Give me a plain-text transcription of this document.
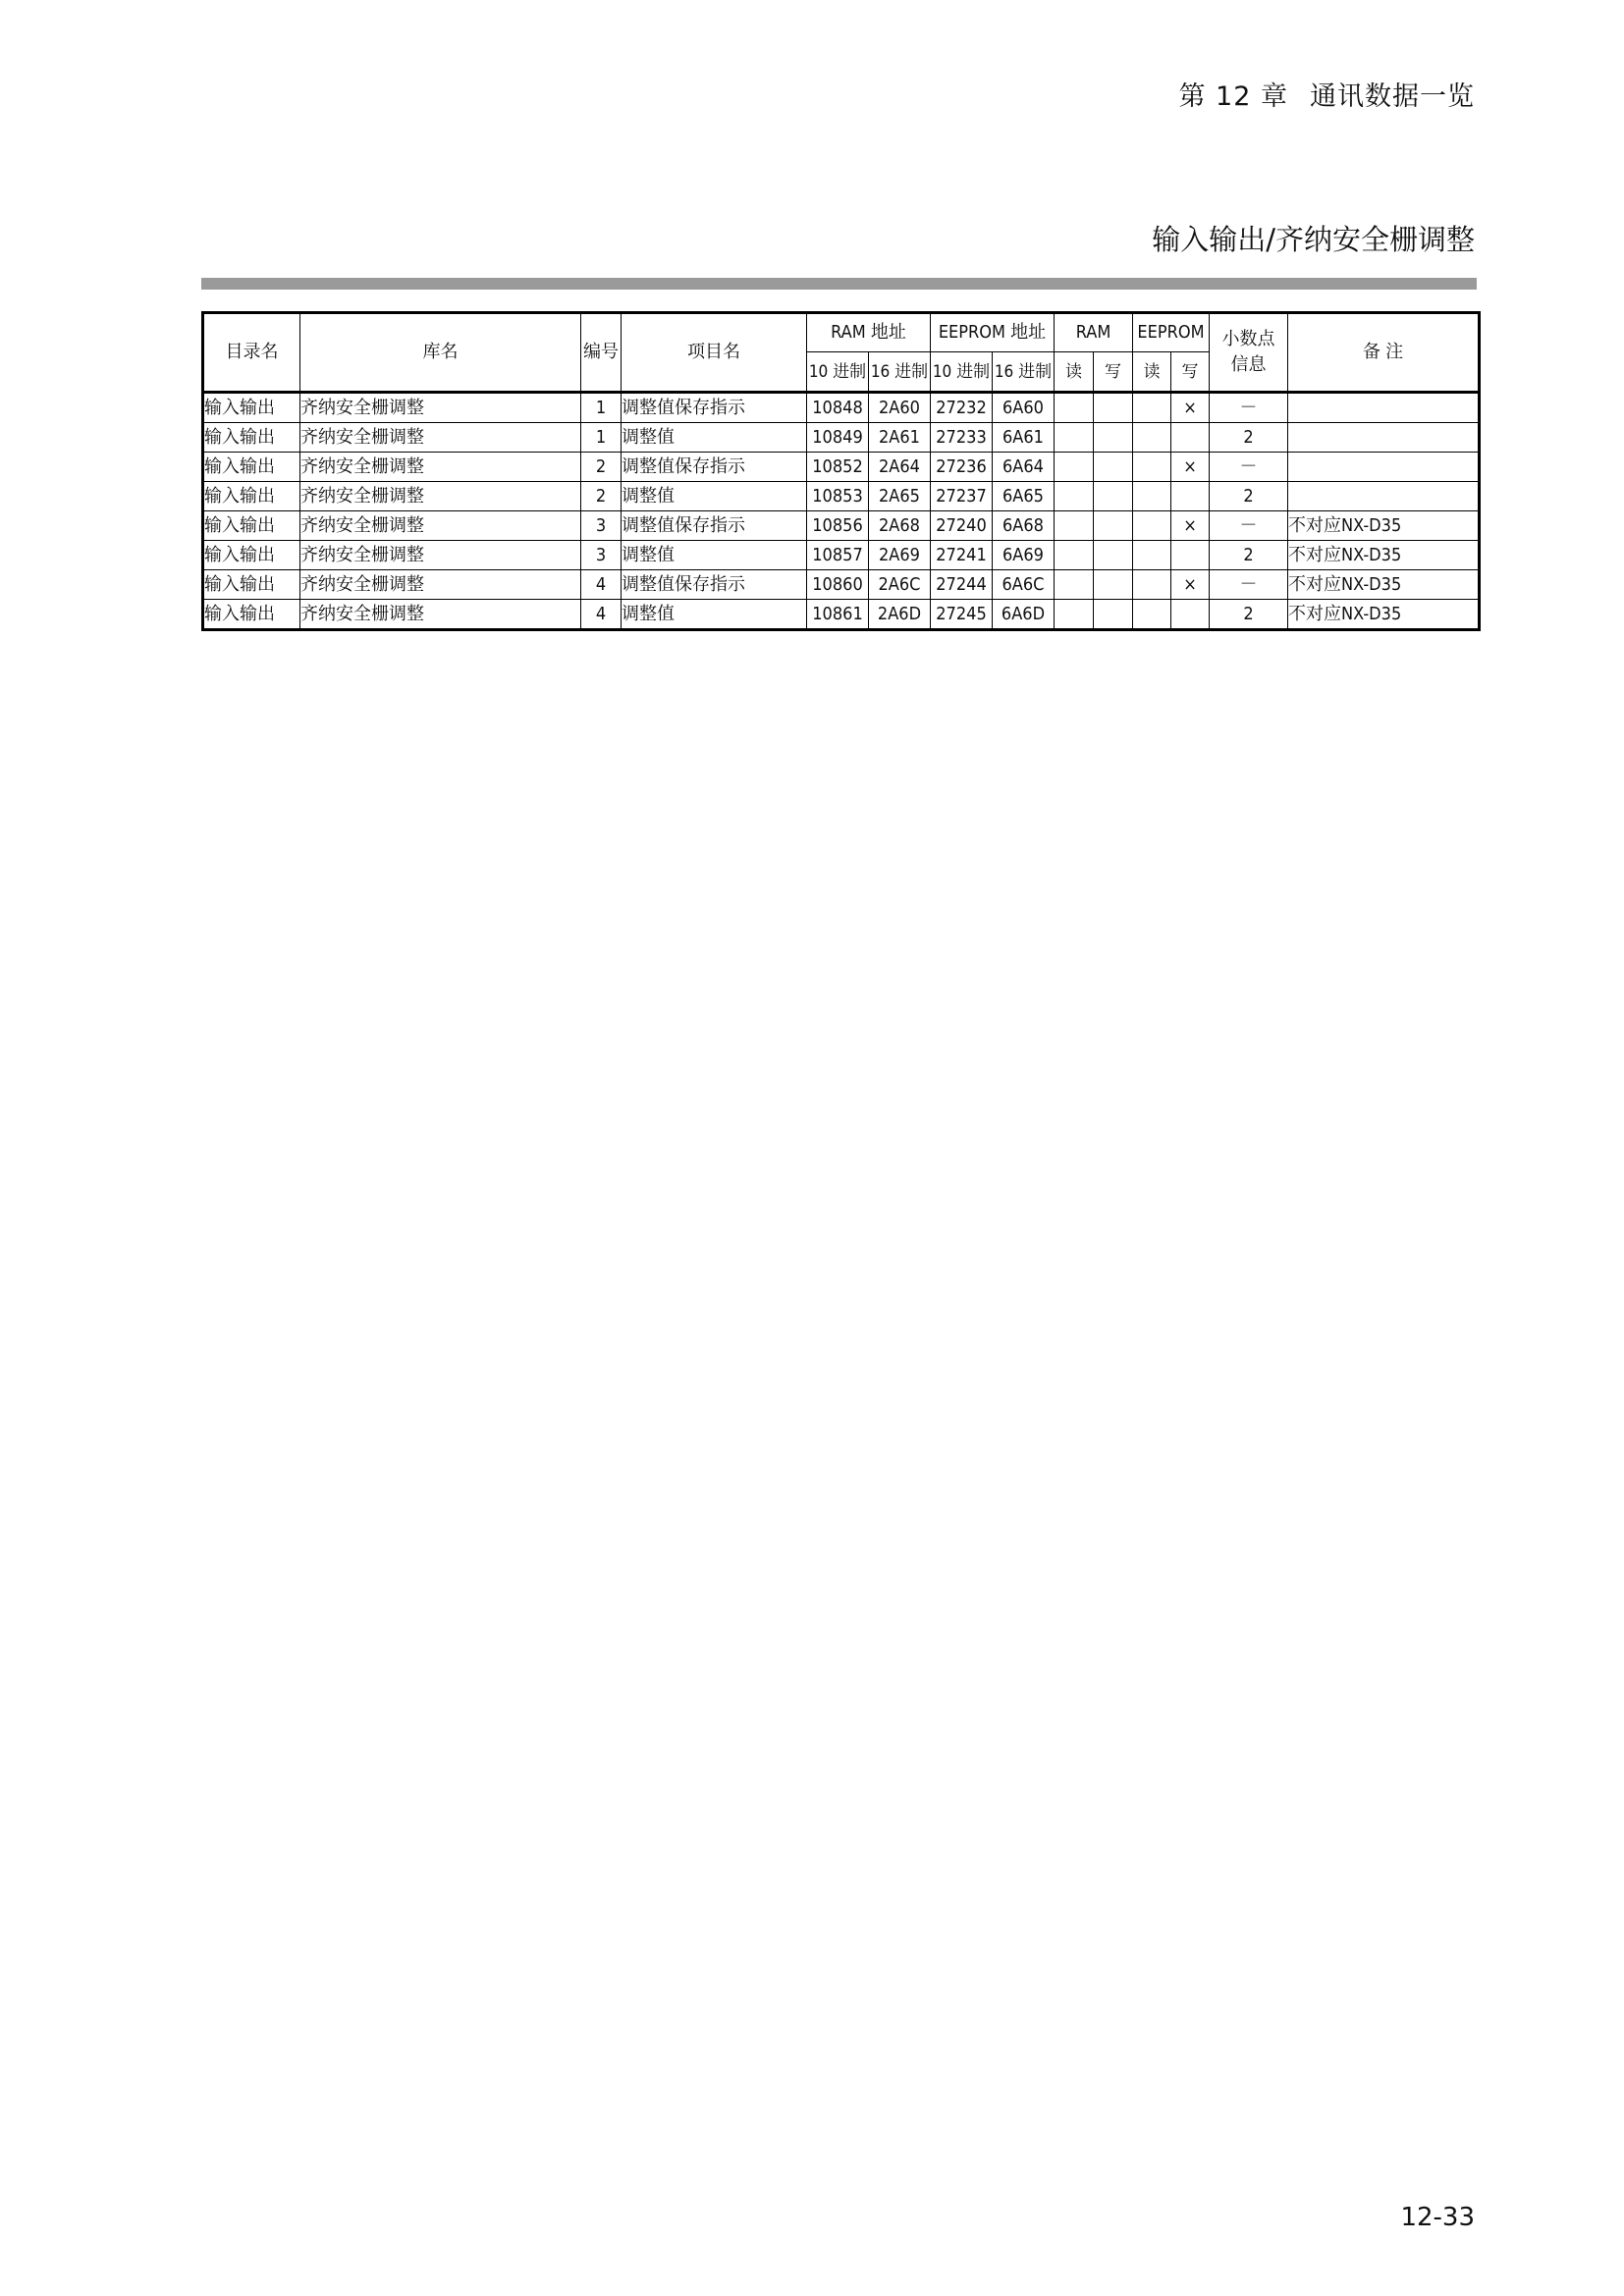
第 12 章 通讯数据一览
输入输出/齐纳安全栅调整
目录名	库名	编号	项目名	RAM 地址		EEPROM 地址		RAM		EEPROM		小数点信息	备 注
				10 进制	16 进制	10 进制	16 进制	读	写	读	写		
输入输出	齐纳安全栅调整	1	调整值保存指示	10848	2A60	27232	6A60				×	－	
输入输出	齐纳安全栅调整	1	调整值	10849	2A61	27233	6A61					2	
输入输出	齐纳安全栅调整	2	调整值保存指示	10852	2A64	27236	6A64				×	－	
输入输出	齐纳安全栅调整	2	调整值	10853	2A65	27237	6A65					2	
输入输出	齐纳安全栅调整	3	调整值保存指示	10856	2A68	27240	6A68				×	－	不对应NX-D35
输入输出	齐纳安全栅调整	3	调整值	10857	2A69	27241	6A69					2	不对应NX-D35
输入输出	齐纳安全栅调整	4	调整值保存指示	10860	2A6C	27244	6A6C				×	－	不对应NX-D35
输入输出	齐纳安全栅调整	4	调整值	10861	2A6D	27245	6A6D					2	不对应NX-D35
12-33
